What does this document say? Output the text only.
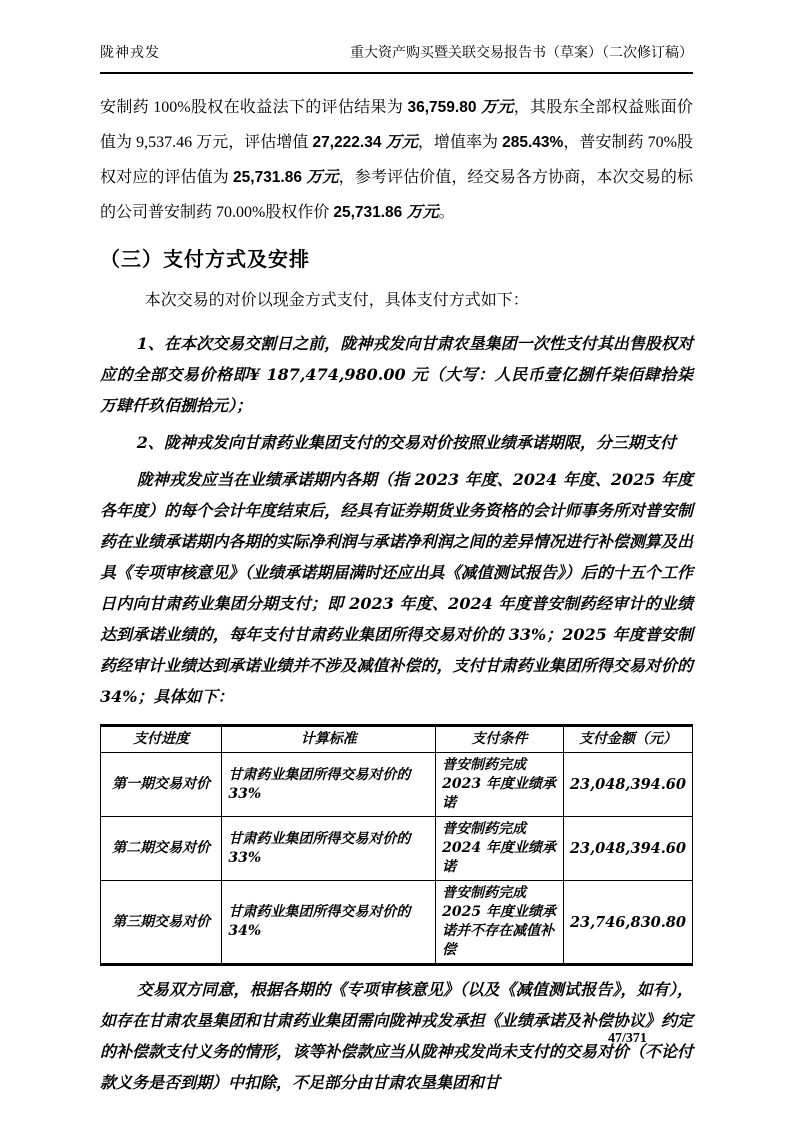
陇神戎发	重大资产购买暨关联交易报告书（草案）（二次修订稿）

安制药 100%股权在收益法下的评估结果为 36,759.80 万元，其股东全部权益账面价值为 9,537.46 万元，评估增值 27,222.34 万元，增值率为 285.43%，普安制药 70%股权对应的评估值为 25,731.86 万元，参考评估价值，经交易各方协商，本次交易的标的公司普安制药 70.00%股权作价 25,731.86 万元。

（三）支付方式及安排

本次交易的对价以现金方式支付，具体支付方式如下：

1、在本次交易交割日之前，陇神戎发向甘肃农垦集团一次性支付其出售股权对应的全部交易价格即¥ 187,474,980.00 元（大写：人民币壹亿捌仟柒佰肆拾柒万肆仟玖佰捌拾元）；

2、陇神戎发向甘肃药业集团支付的交易对价按照业绩承诺期限，分三期支付

陇神戎发应当在业绩承诺期内各期（指 2023 年度、2024 年度、2025 年度各年度）的每个会计年度结束后，经具有证券期货业务资格的会计师事务所对普安制药在业绩承诺期内各期的实际净利润与承诺净利润之间的差异情况进行补偿测算及出具《专项审核意见》（业绩承诺期届满时还应出具《减值测试报告》）后的十五个工作日内向甘肃药业集团分期支付；即 2023 年度、2024 年度普安制药经审计的业绩达到承诺业绩的，每年支付甘肃药业集团所得交易对价的 33%；2025 年度普安制药经审计业绩达到承诺业绩并不涉及减值补偿的，支付甘肃药业集团所得交易对价的 34%；具体如下：

支付进度	计算标准	支付条件	支付金额（元）
第一期交易对价	甘肃药业集团所得交易对价的 33%	普安制药完成 2023 年度业绩承诺	23,048,394.60
第二期交易对价	甘肃药业集团所得交易对价的 33%	普安制药完成 2024 年度业绩承诺	23,048,394.60
第三期交易对价	甘肃药业集团所得交易对价的 34%	普安制药完成 2025 年度业绩承诺并不存在减值补偿	23,746,830.80

交易双方同意，根据各期的《专项审核意见》（以及《减值测试报告》，如有），如存在甘肃农垦集团和甘肃药业集团需向陇神戎发承担《业绩承诺及补偿协议》约定的补偿款支付义务的情形，该等补偿款应当从陇神戎发尚未支付的交易对价（不论付款义务是否到期）中扣除，不足部分由甘肃农垦集团和甘

47/371
